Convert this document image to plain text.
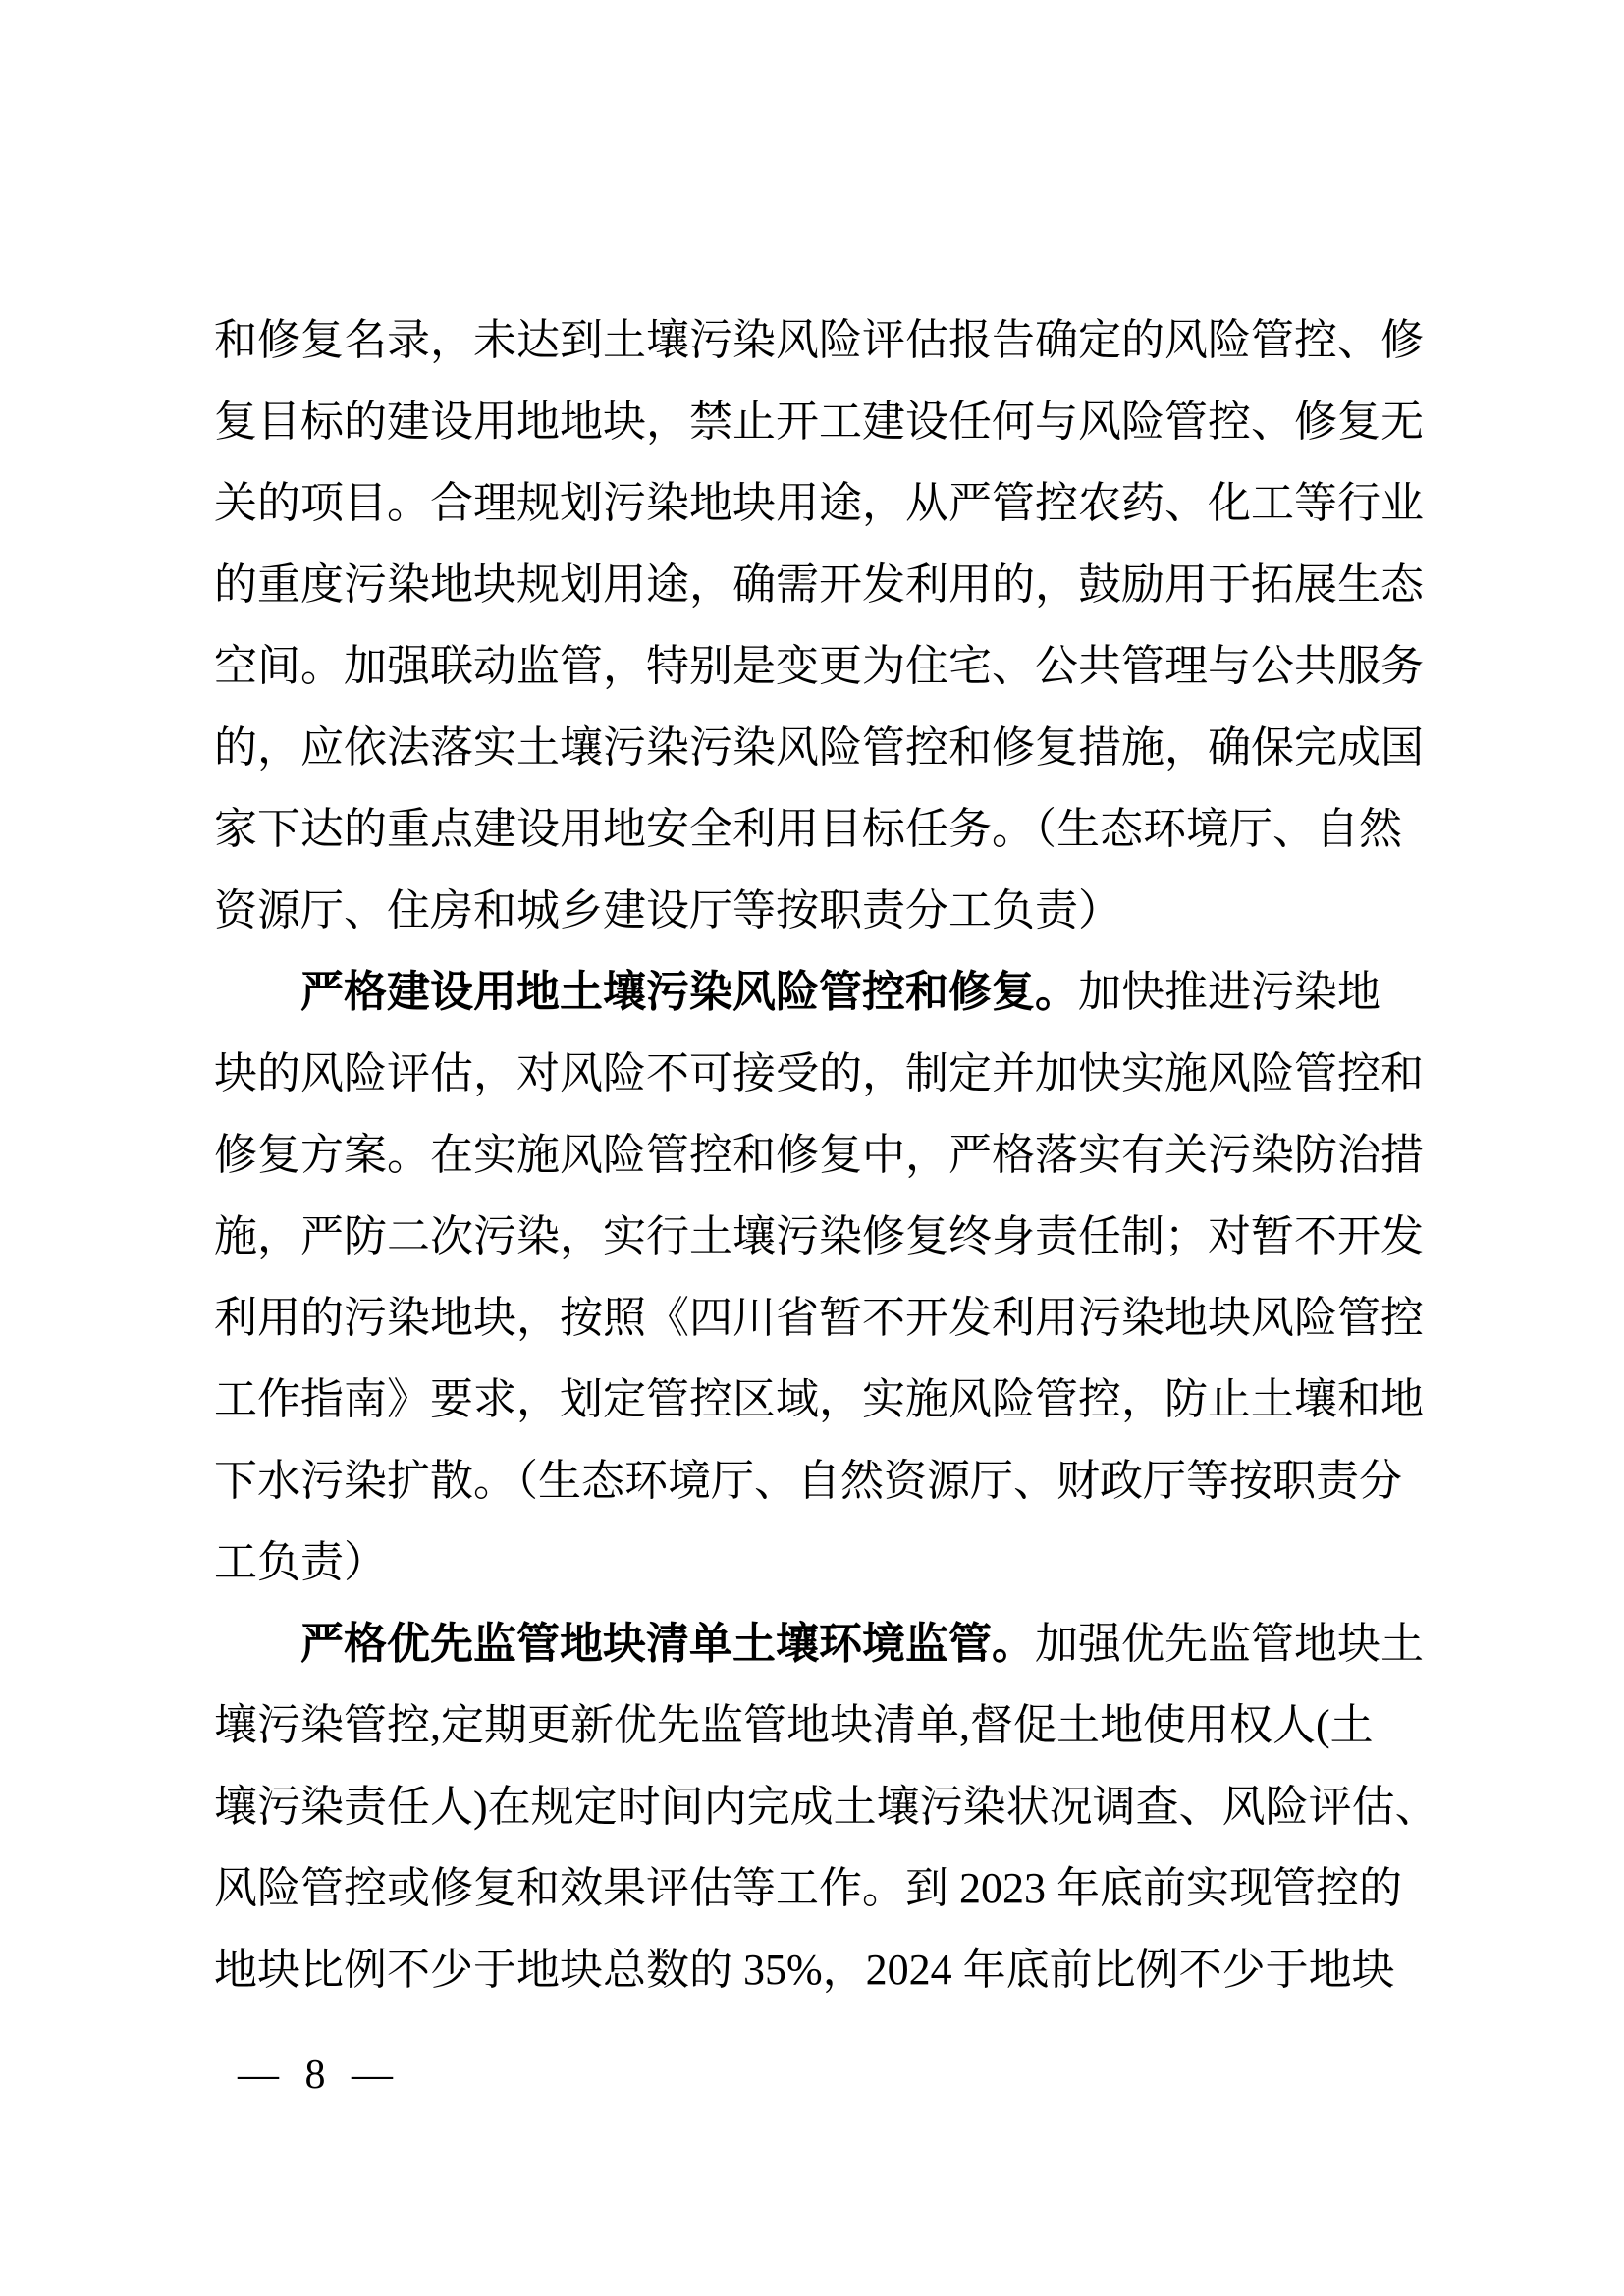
和修复名录，未达到土壤污染风险评估报告确定的风险管控、修
复目标的建设用地地块，禁止开工建设任何与风险管控、修复无
关的项目。合理规划污染地块用途，从严管控农药、化工等行业
的重度污染地块规划用途，确需开发利用的，鼓励用于拓展生态
空间。加强联动监管，特别是变更为住宅、公共管理与公共服务
的，应依法落实土壤污染污染风险管控和修复措施，确保完成国
家下达的重点建设用地安全利用目标任务。（生态环境厅、自然
资源厅、住房和城乡建设厅等按职责分工负责）
严格建设用地土壤污染风险管控和修复。加快推进污染地
块的风险评估，对风险不可接受的，制定并加快实施风险管控和
修复方案。在实施风险管控和修复中，严格落实有关污染防治措
施，严防二次污染，实行土壤污染修复终身责任制；对暂不开发
利用的污染地块，按照《四川省暂不开发利用污染地块风险管控
工作指南》要求，划定管控区域，实施风险管控，防止土壤和地
下水污染扩散。（生态环境厅、自然资源厅、财政厅等按职责分
工负责）
严格优先监管地块清单土壤环境监管。加强优先监管地块土
壤污染管控,定期更新优先监管地块清单,督促土地使用权人(土
壤污染责任人)在规定时间内完成土壤污染状况调查、风险评估、
风险管控或修复和效果评估等工作。到 2023 年底前实现管控的
地块比例不少于地块总数的 35%，2024 年底前比例不少于地块
— 8 —
